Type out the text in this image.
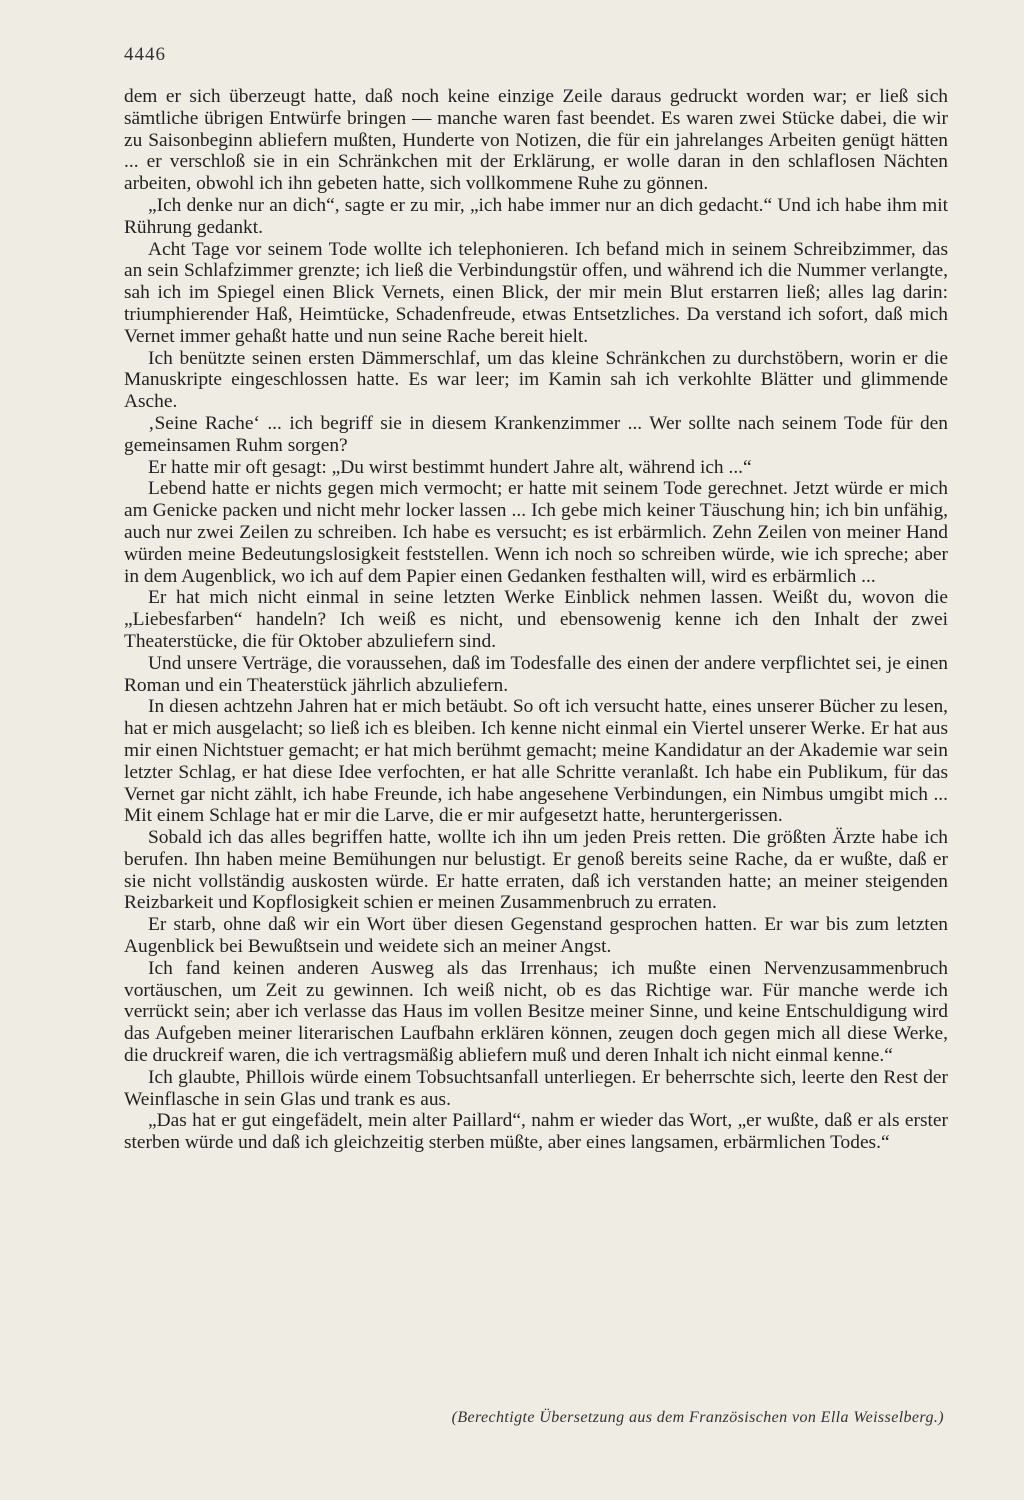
4446

dem er sich überzeugt hatte, daß noch keine einzige Zeile daraus gedruckt worden war; er ließ sich sämtliche übrigen Entwürfe bringen — manche waren fast beendet. Es waren zwei Stücke dabei, die wir zu Saisonbeginn abliefern mußten, Hunderte von Notizen, die für ein jahrelanges Arbeiten genügt hätten ... er verschloß sie in ein Schränkchen mit der Erklärung, er wolle daran in den schlaflosen Nächten arbeiten, obwohl ich ihn gebeten hatte, sich vollkommene Ruhe zu gönnen.

„Ich denke nur an dich“, sagte er zu mir, „ich habe immer nur an dich gedacht.“ Und ich habe ihm mit Rührung gedankt.

Acht Tage vor seinem Tode wollte ich telephonieren. Ich befand mich in seinem Schreibzimmer, das an sein Schlafzimmer grenzte; ich ließ die Verbindungstür offen, und während ich die Nummer verlangte, sah ich im Spiegel einen Blick Vernets, einen Blick, der mir mein Blut erstarren ließ; alles lag darin: triumphierender Haß, Heimtücke, Schadenfreude, etwas Entsetzliches. Da verstand ich sofort, daß mich Vernet immer gehaßt hatte und nun seine Rache bereit hielt.

Ich benützte seinen ersten Dämmerschlaf, um das kleine Schränkchen zu durchstöbern, worin er die Manuskripte eingeschlossen hatte. Es war leer; im Kamin sah ich verkohlte Blätter und glimmende Asche.

‚Seine Rache‘ ... ich begriff sie in diesem Krankenzimmer ... Wer sollte nach seinem Tode für den gemeinsamen Ruhm sorgen?

Er hatte mir oft gesagt: „Du wirst bestimmt hundert Jahre alt, während ich ...“

Lebend hatte er nichts gegen mich vermocht; er hatte mit seinem Tode gerechnet. Jetzt würde er mich am Genicke packen und nicht mehr locker lassen ... Ich gebe mich keiner Täuschung hin; ich bin unfähig, auch nur zwei Zeilen zu schreiben. Ich habe es versucht; es ist erbärmlich. Zehn Zeilen von meiner Hand würden meine Bedeutungslosigkeit feststellen. Wenn ich noch so schreiben würde, wie ich spreche; aber in dem Augenblick, wo ich auf dem Papier einen Gedanken festhalten will, wird es erbärmlich ...

Er hat mich nicht einmal in seine letzten Werke Einblick nehmen lassen. Weißt du, wovon die „Liebesfarben“ handeln? Ich weiß es nicht, und ebensowenig kenne ich den Inhalt der zwei Theaterstücke, die für Oktober abzuliefern sind.

Und unsere Verträge, die voraussehen, daß im Todesfalle des einen der andere verpflichtet sei, je einen Roman und ein Theaterstück jährlich abzuliefern.

In diesen achtzehn Jahren hat er mich betäubt. So oft ich versucht hatte, eines unserer Bücher zu lesen, hat er mich ausgelacht; so ließ ich es bleiben. Ich kenne nicht einmal ein Viertel unserer Werke. Er hat aus mir einen Nichtstuer gemacht; er hat mich berühmt gemacht; meine Kandidatur an der Akademie war sein letzter Schlag, er hat diese Idee verfochten, er hat alle Schritte veranlaßt. Ich habe ein Publikum, für das Vernet gar nicht zählt, ich habe Freunde, ich habe angesehene Verbindungen, ein Nimbus umgibt mich ... Mit einem Schlage hat er mir die Larve, die er mir aufgesetzt hatte, heruntergerissen.

Sobald ich das alles begriffen hatte, wollte ich ihn um jeden Preis retten. Die größten Ärzte habe ich berufen. Ihn haben meine Bemühungen nur belustigt. Er genoß bereits seine Rache, da er wußte, daß er sie nicht vollständig auskosten würde. Er hatte erraten, daß ich verstanden hatte; an meiner steigenden Reizbarkeit und Kopflosigkeit schien er meinen Zusammenbruch zu erraten.

Er starb, ohne daß wir ein Wort über diesen Gegenstand gesprochen hatten. Er war bis zum letzten Augenblick bei Bewußtsein und weidete sich an meiner Angst.

Ich fand keinen anderen Ausweg als das Irrenhaus; ich mußte einen Nervenzusammenbruch vortäuschen, um Zeit zu gewinnen. Ich weiß nicht, ob es das Richtige war. Für manche werde ich verrückt sein; aber ich verlasse das Haus im vollen Besitze meiner Sinne, und keine Entschuldigung wird das Aufgeben meiner literarischen Laufbahn erklären können, zeugen doch gegen mich all diese Werke, die druckreif waren, die ich vertragsmäßig abliefern muß und deren Inhalt ich nicht einmal kenne.“

Ich glaubte, Phillois würde einem Tobsuchtsanfall unterliegen. Er beherrschte sich, leerte den Rest der Weinflasche in sein Glas und trank es aus.

„Das hat er gut eingefädelt, mein alter Paillard“, nahm er wieder das Wort, „er wußte, daß er als erster sterben würde und daß ich gleichzeitig sterben müßte, aber eines langsamen, erbärmlichen Todes.“

(Berechtigte Übersetzung aus dem Französischen von Ella Weisselberg.)
